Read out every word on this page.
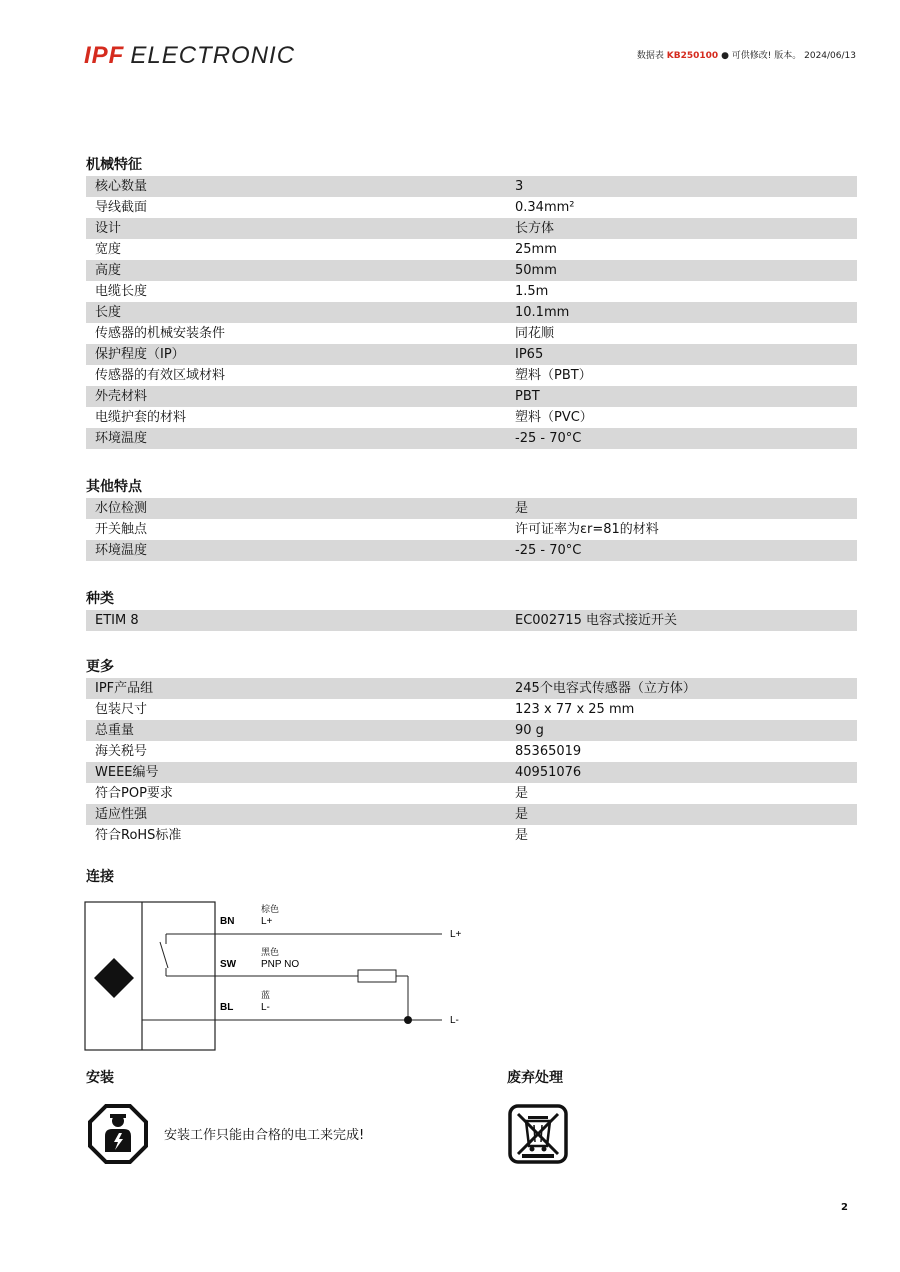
IPF ELECTRONIC	数据表 KB250100 ● 可供修改! 版本。 2024/06/13
机械特征
核心数量	3
导线截面	0.34mm²
设计	长方体
宽度	25mm
高度	50mm
电缆长度	1.5m
长度	10.1mm
传感器的机械安装条件	同花顺
保护程度（IP）	IP65
传感器的有效区域材料	塑料（PBT）
外壳材料	PBT
电缆护套的材料	塑料（PVC）
环境温度	-25 - 70°C
其他特点
水位检测	是
开关触点	许可证率为εr=81的材料
环境温度	-25 - 70°C
种类
ETIM 8	EC002715 电容式接近开关
更多
IPF产品组	245个电容式传感器（立方体）
包装尺寸	123 x 77 x 25 mm
总重量	90 g
海关税号	85365019
WEEE编号	40951076
符合POP要求	是
适应性强	是
符合RoHS标准	是
连接
BN
棕色
L+
L+
SW
黑色
PNP NO
BL
蓝
L-
L-
安装
安装工作只能由合格的电工来完成!
废弃处理
2
